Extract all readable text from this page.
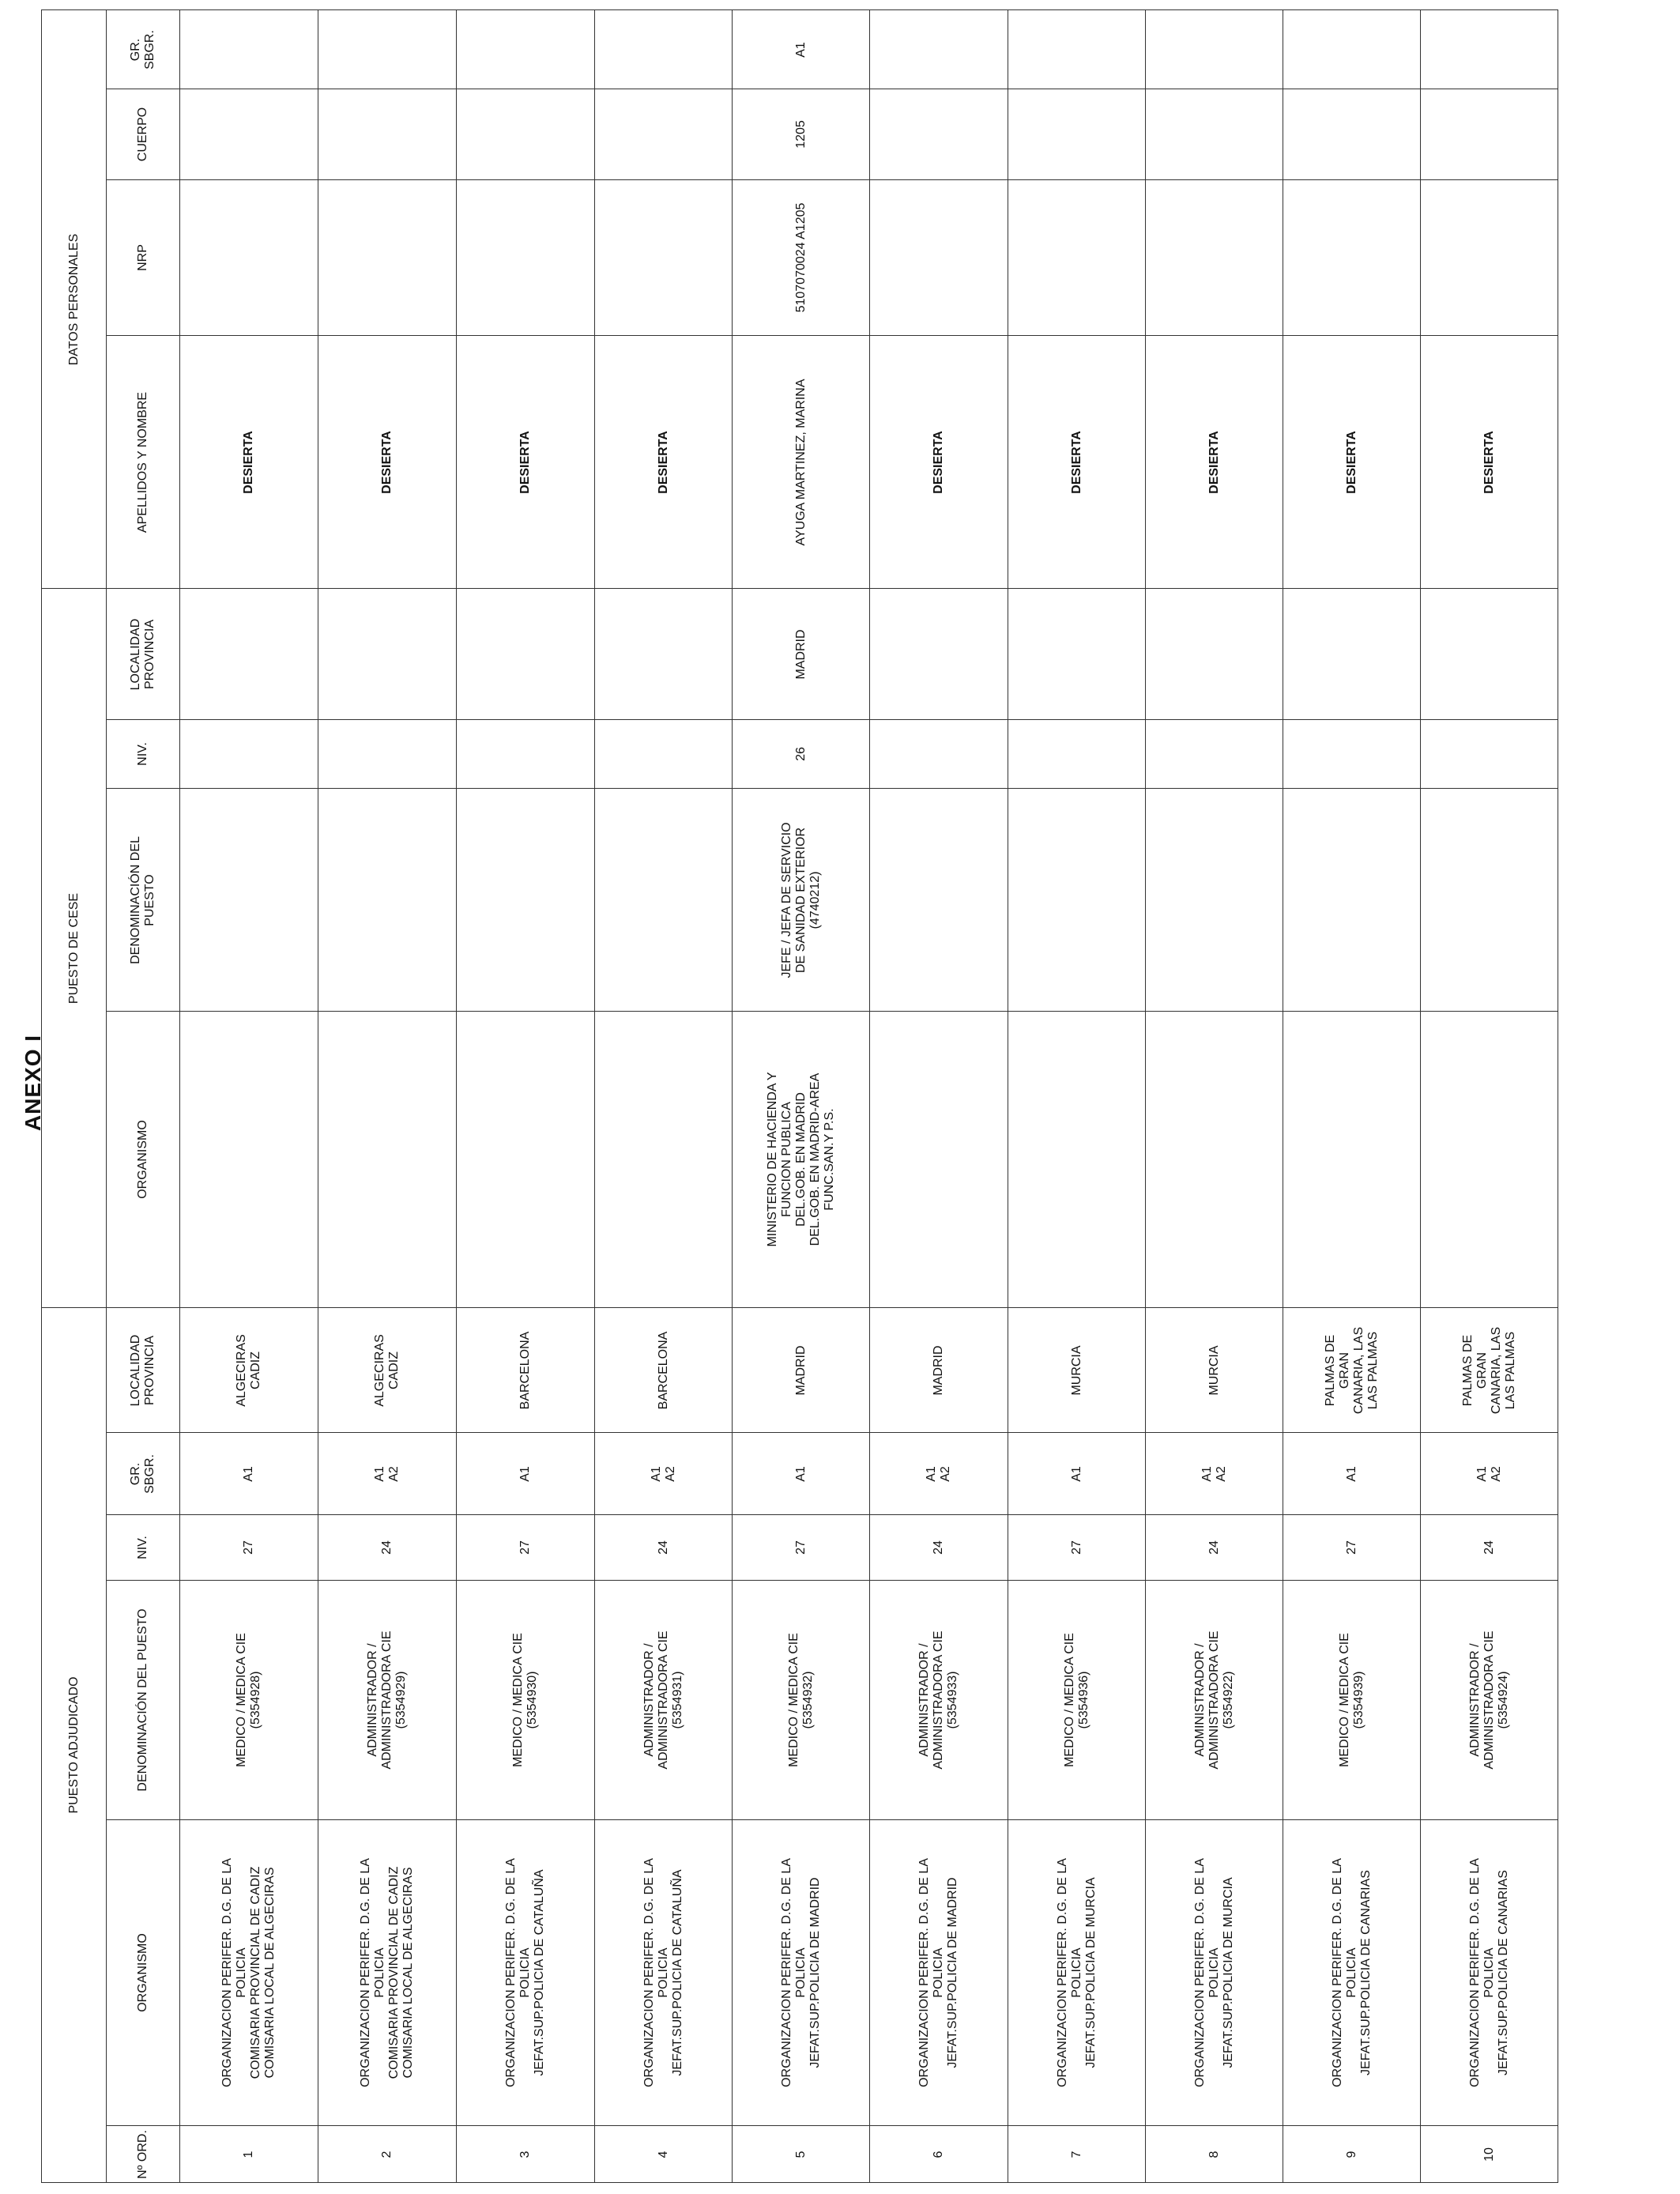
ANEXO I
PUESTO ADJUDICADO
PUESTO DE CESE
DATOS PERSONALES
Nº ORD.
ORGANISMO
DENOMINACIÓN DEL PUESTO
NIV.
GR.
SBGR.
LOCALIDAD
PROVINCIA
ORGANISMO
DENOMINACIÓN DEL
PUESTO
NIV.
LOCALIDAD
PROVINCIA
APELLIDOS Y NOMBRE
NRP
CUERPO
GR.
SBGR.
1
ORGANIZACION PERIFER. D.G. DE LA
POLICIA
COMISARIA PROVINCIAL DE CADIZ
COMISARIA LOCAL DE ALGECIRAS
MEDICO / MEDICA CIE
(5354928)
27
A1
ALGECIRAS
CADIZ
DESIERTA
2
ORGANIZACION PERIFER. D.G. DE LA
POLICIA
COMISARIA PROVINCIAL DE CADIZ
COMISARIA LOCAL DE ALGECIRAS
ADMINISTRADOR /
ADMINISTRADORA CIE
(5354929)
24
A1
A2
ALGECIRAS
CADIZ
DESIERTA
3
ORGANIZACION PERIFER. D.G. DE LA
POLICIA
JEFAT.SUP.POLICIA DE CATALUÑA
MEDICO / MEDICA CIE
(5354930)
27
A1
BARCELONA
DESIERTA
4
ORGANIZACION PERIFER. D.G. DE LA
POLICIA
JEFAT.SUP.POLICIA DE CATALUÑA
ADMINISTRADOR /
ADMINISTRADORA CIE
(5354931)
24
A1
A2
BARCELONA
DESIERTA
5
ORGANIZACION PERIFER. D.G. DE LA
POLICIA
JEFAT.SUP.POLICIA DE MADRID
MEDICO / MEDICA CIE
(5354932)
27
A1
MADRID
MINISTERIO DE HACIENDA Y
FUNCION PUBLICA
DEL.GOB. EN MADRID
DEL.GOB. EN MADRID-AREA
FUNC.SAN.Y P.S.
JEFE / JEFA DE SERVICIO
DE SANIDAD EXTERIOR
(4740212)
26
MADRID
AYUGA MARTINEZ, MARINA
5107070024 A1205
1205
A1
6
ORGANIZACION PERIFER. D.G. DE LA
POLICIA
JEFAT.SUP.POLICIA DE MADRID
ADMINISTRADOR /
ADMINISTRADORA CIE
(5354933)
24
A1
A2
MADRID
DESIERTA
7
ORGANIZACION PERIFER. D.G. DE LA
POLICIA
JEFAT.SUP.POLICIA DE MURCIA
MEDICO / MEDICA CIE
(5354936)
27
A1
MURCIA
DESIERTA
8
ORGANIZACION PERIFER. D.G. DE LA
POLICIA
JEFAT.SUP.POLICIA DE MURCIA
ADMINISTRADOR /
ADMINISTRADORA CIE
(5354922)
24
A1
A2
MURCIA
DESIERTA
9
ORGANIZACION PERIFER. D.G. DE LA
POLICIA
JEFAT.SUP.POLICIA DE CANARIAS
MEDICO / MEDICA CIE
(5354939)
27
A1
PALMAS DE
GRAN
CANARIA, LAS
LAS PALMAS
DESIERTA
10
ORGANIZACION PERIFER. D.G. DE LA
POLICIA
JEFAT.SUP.POLICIA DE CANARIAS
ADMINISTRADOR /
ADMINISTRADORA CIE
(5354924)
24
A1
A2
PALMAS DE
GRAN
CANARIA, LAS
LAS PALMAS
DESIERTA
